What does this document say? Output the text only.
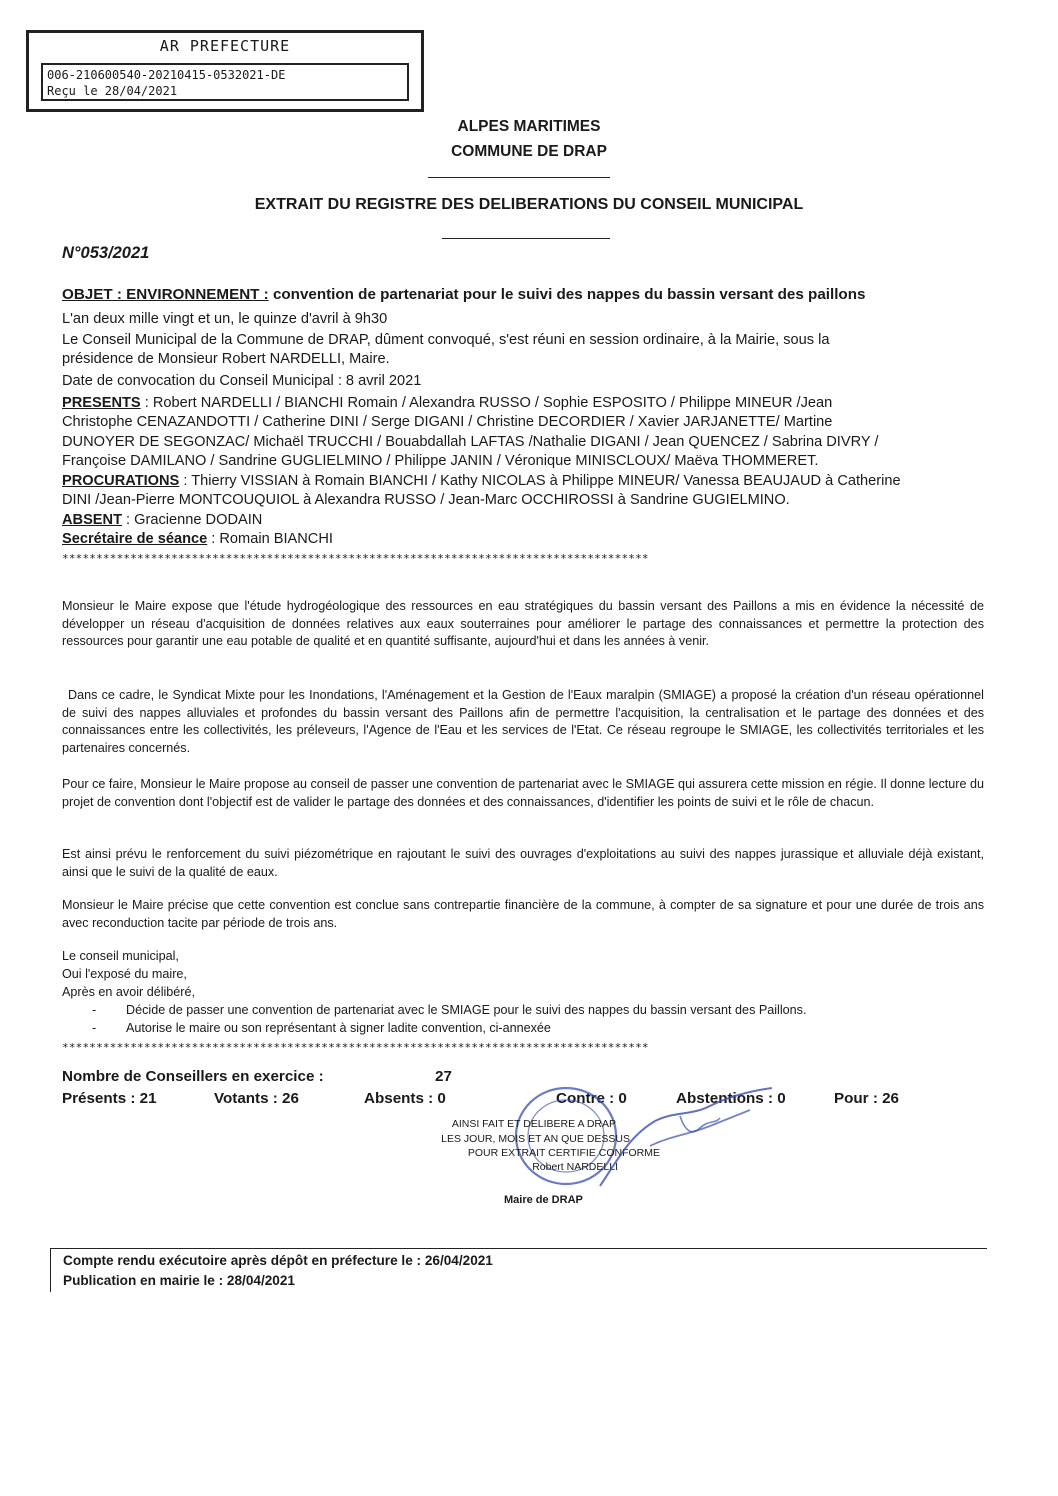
AR PREFECTURE
006-210600540-20210415-0532021-DE
Reçu le 28/04/2021
ALPES MARITIMES
COMMUNE DE DRAP
EXTRAIT DU REGISTRE DES DELIBERATIONS DU CONSEIL MUNICIPAL
N°053/2021
OBJET : ENVIRONNEMENT : convention de partenariat pour le suivi des nappes du bassin versant des paillons
L'an deux mille vingt et un, le quinze d'avril à 9h30
Le Conseil Municipal de la Commune de DRAP, dûment convoqué, s'est réuni en session ordinaire, à la Mairie, sous la
présidence de Monsieur Robert NARDELLI, Maire.
Date de convocation du Conseil Municipal : 8 avril 2021
PRESENTS : Robert NARDELLI / BIANCHI Romain / Alexandra RUSSO / Sophie ESPOSITO / Philippe MINEUR /Jean
Christophe CENAZANDOTTI / Catherine DINI / Serge DIGANI / Christine DECORDIER / Xavier JARJANETTE/ Martine
DUNOYER DE SEGONZAC/ Michaël TRUCCHI / Bouabdallah LAFTAS /Nathalie DIGANI / Jean QUENCEZ / Sabrina DIVRY /
Françoise DAMILANO / Sandrine GUGLIELMINO / Philippe JANIN / Véronique MINISCLOUX/ Maëva THOMMERET.
PROCURATIONS : Thierry VISSIAN à Romain BIANCHI / Kathy NICOLAS à Philippe MINEUR/ Vanessa BEAUJAUD à Catherine
DINI /Jean-Pierre MONTCOUQUIOL à Alexandra RUSSO / Jean-Marc OCCHIROSSI à Sandrine GUGIELMINO.
ABSENT : Gracienne DODAIN
Secrétaire de séance : Romain BIANCHI
**************************************************************************************
Monsieur le Maire expose que l'étude hydrogéologique des ressources en eau stratégiques du bassin versant des Paillons a mis en évidence la nécessité de développer un réseau d'acquisition de données relatives aux eaux souterraines pour améliorer le partage des connaissances et permettre la protection des ressources pour garantir une eau potable de qualité et en quantité suffisante, aujourd'hui et dans les années à venir.
Dans ce cadre, le Syndicat Mixte pour les Inondations, l'Aménagement et la Gestion de l'Eaux maralpin (SMIAGE) a proposé la création d'un réseau opérationnel de suivi des nappes alluviales et profondes du bassin versant des Paillons afin de permettre l'acquisition, la centralisation et le partage des données et des connaissances entre les collectivités, les préleveurs, l'Agence de l'Eau et les services de l'Etat. Ce réseau regroupe le SMIAGE, les collectivités territoriales et les partenaires concernés.
Pour ce faire, Monsieur le Maire propose au conseil de passer une convention de partenariat avec le SMIAGE qui assurera cette mission en régie. Il donne lecture du projet de convention dont l'objectif est de valider le partage des données et des connaissances, d'identifier les points de suivi et le rôle de chacun.
Est ainsi prévu le renforcement du suivi piézométrique en rajoutant le suivi des ouvrages d'exploitations au suivi des nappes jurassique et alluviale déjà existant, ainsi que le suivi de la qualité de eaux.
Monsieur le Maire précise que cette convention est conclue sans contrepartie financière de la commune, à compter de sa signature et pour une durée de trois ans avec reconduction tacite par période de trois ans.
Le conseil municipal,
Oui l'exposé du maire,
Après en avoir délibéré,
- Décide de passer une convention de partenariat avec le SMIAGE pour le suivi des nappes du bassin versant des Paillons.
- Autorise le maire ou son représentant à signer ladite convention, ci-annexée
**************************************************************************************
Nombre de Conseillers en exercice :	27
Présents : 21	Votants : 26	Absents : 0	Contre : 0	Abstentions : 0	Pour : 26
AINSI FAIT ET DELIBERE A DRAP
LES JOUR, MOIS ET AN QUE DESSUS
POUR EXTRAIT CERTIFIE CONFORME
Robert NARDELLI
Maire de DRAP
Compte rendu exécutoire après dépôt en préfecture le : 26/04/2021
Publication en mairie le : 28/04/2021
